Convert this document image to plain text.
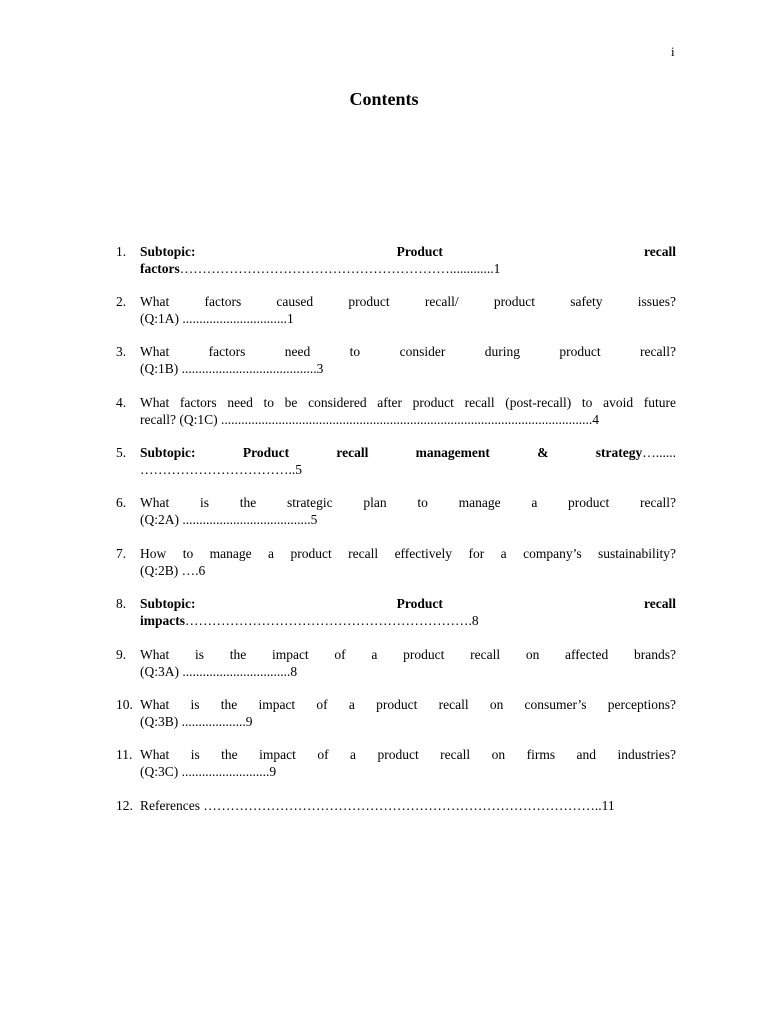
i
Contents
1. Subtopic: Product recall
factors…………………………………………………….............1
2. What factors caused product recall/ product safety issues?
(Q:1A) ...............................1
3. What factors need to consider during product recall?
(Q:1B) ........................................3
4. What factors need to be considered after product recall (post-recall) to avoid future
recall? (Q:1C) ..............................................................................................................4
5. Subtopic: Product recall management & strategy …......
……………………………..5
6. What is the strategic plan to manage a product recall?
(Q:2A) ......................................5
7. How to manage a product recall effectively for a company’s sustainability?
(Q:2B) ….6
8. Subtopic: Product recall
impacts……………………………………………………….8
9. What is the impact of a product recall on affected brands?
(Q:3A) ................................8
10. What is the impact of a product recall on consumer’s perceptions?
(Q:3B) ...................9
11. What is the impact of a product recall on firms and industries?
(Q:3C) ..........................9
12. References ……………………………………………………………………………..11
